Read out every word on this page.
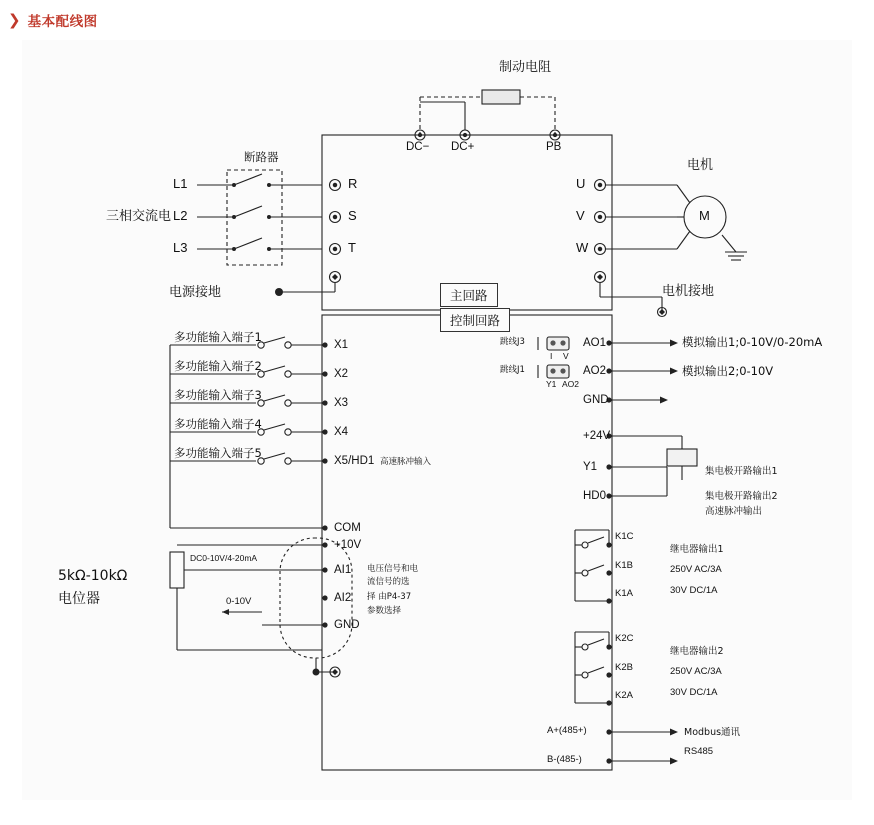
❯ 基本配线图
主回路
控制回路
制动电阻
DC− DC+	PB
断路器
三相交流电
L1
L2
L3
R
S
T
电源接地
U
V
W
电机
M
电机接地
多功能输入端子1
多功能输入端子2
多功能输入端子3
多功能输入端子4
多功能输入端子5
X1
X2
X3
X4
X5/HD1 高速脉冲输入
COM
5kΩ-10kΩ
电位器
DC0-10V/4-20mA
0-10V
+10V
AI1
AI2
GND
电压信号和电
流信号的选
择 由P4-37
参数选择
跳线J3
跳线J1
I V
Y1 AO2
AO1
AO2
GND
模拟输出1;0-10V/0-20mA
模拟输出2;0-10V
+24V
Y1
HD0
集电极开路输出1
集电极开路输出2
高速脉冲输出
K1C
K1B
K1A
继电器输出1
250V AC/3A
30V DC/1A
K2C
K2B
K2A
继电器输出2
250V AC/3A
30V DC/1A
A+(485+)
B-(485-)
Modbus通讯
RS485
